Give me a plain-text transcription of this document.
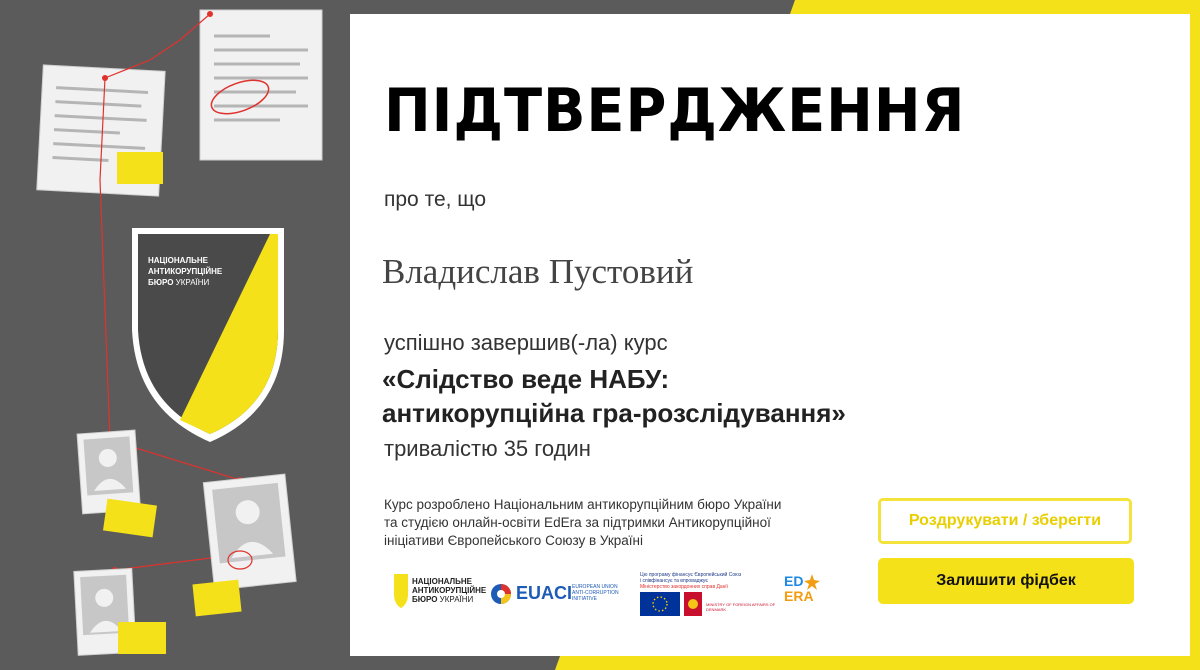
НАЦІОНАЛЬНЕ
АНТИКОРУПЦІЙНЕ
БЮРО УКРАЇНИ
ПІДТВЕРДЖЕННЯ
про те, що
Владислав Пустовий
успішно завершив(-ла) курс
«Слідство веде НАБУ:
антикорупційна гра-розслідування»
тривалістю 35 годин
Курс розроблено Національним антикорупційним бюро України
та студією онлайн-освіти EdEra за підтримки Антикорупційної
ініціативи Європейського Союзу в Україні
Роздрукувати / зберегти
Залишити фідбек
НАЦІОНАЛЬНЕ
АНТИКОРУПЦІЙНЕ
БЮРО УКРАЇНИ	EUACI EUROPEAN UNION
ANTI-CORRUPTION
INITIATIVE
Цю програму фінансує Європейський Союз
і співфінансує та впроваджує
Міністерство закордонних справ Данії
MINISTRY OF FOREIGN AFFAIRS OF DENMARK
ED
ERA
